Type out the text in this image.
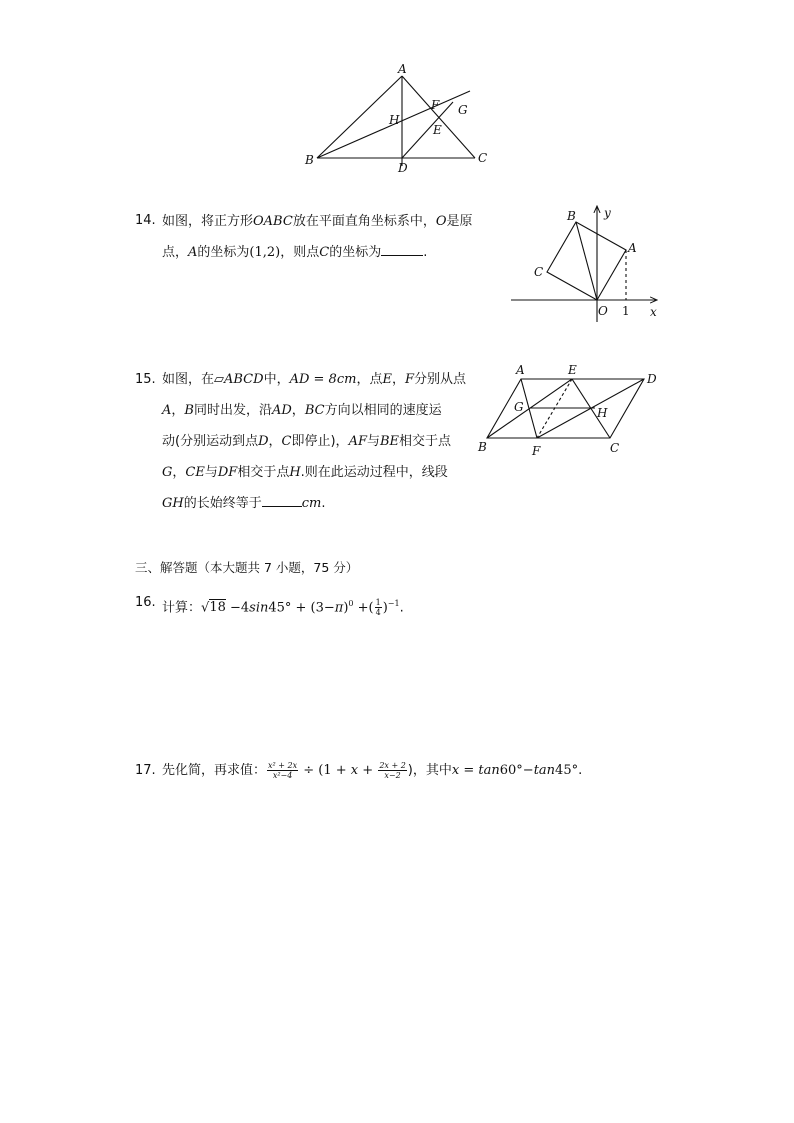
A
F G
H
E
B
D
C
14. 如图，将正方形OABC放在平面直角坐标系中，O是原
点，A的坐标为(1,2)，则点C的坐标为	.
B y
A
C
O 1 x
15. 如图，在▱ABCD中，AD = 8cm，点E，F分别从点
A，B同时出发，沿AD，BC方向以相同的速度运
动(分别运动到点D，C即停止)，AF与BE相交于点
G，CE与DF相交于点H.则在此运动过程中，线段
GH的长始终等于	cm.
A	E
D
G	H
B	F	C
三、解答题（本大题共 7 小题，75 分）
16. 计算：$√18 -4\sin 45^\circ + (3-\pi)^0$ +( $\frac{1}{4} )^{-1}$.
17. 先化简，再求值： $\frac{\text{x² + 2x}}{\text{x²−4}} \div (1 + x + \frac{2x + 2}{x-2}$ )，其中x = tan60°−tan45°.
